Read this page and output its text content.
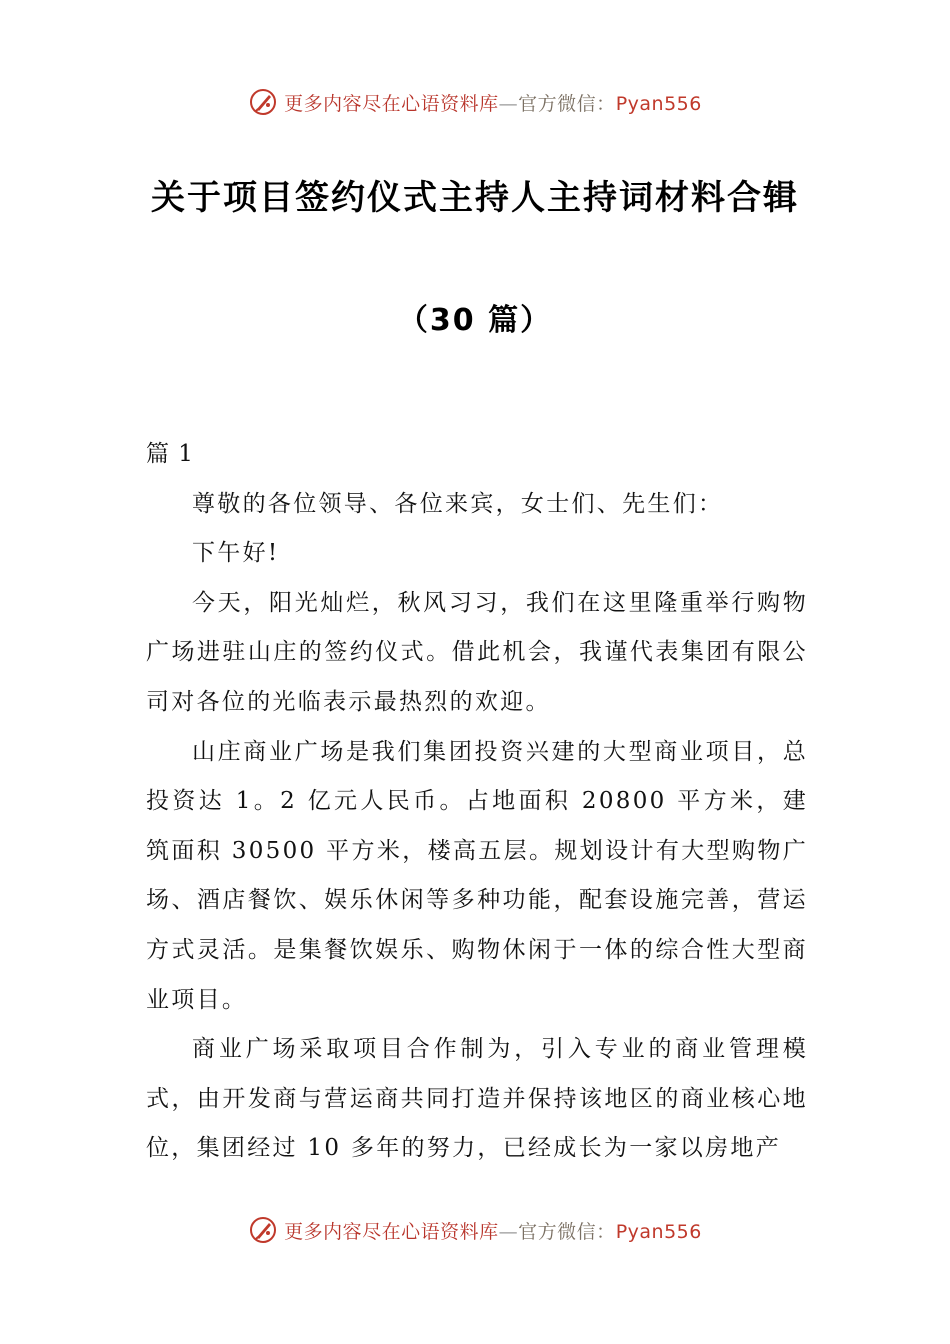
更多内容尽在心语资料库—官方微信：Pyan556
关于项目签约仪式主持人主持词材料合辑
（30 篇）

篇 1

尊敬的各位领导、各位来宾，女士们、先生们：

下午好!

今天，阳光灿烂，秋风习习，我们在这里隆重举行购物广场进驻山庄的签约仪式。借此机会，我谨代表集团有限公司对各位的光临表示最热烈的欢迎。

山庄商业广场是我们集团投资兴建的大型商业项目，总投资达 1。2 亿元人民币。占地面积 20800 平方米，建筑面积 30500 平方米，楼高五层。规划设计有大型购物广场、酒店餐饮、娱乐休闲等多种功能，配套设施完善，营运方式灵活。是集餐饮娱乐、购物休闲于一体的综合性大型商业项目。

商业广场采取项目合作制为，引入专业的商业管理模式，由开发商与营运商共同打造并保持该地区的商业核心地位，集团经过 10 多年的努力，已经成长为一家以房地产

更多内容尽在心语资料库—官方微信：Pyan556
